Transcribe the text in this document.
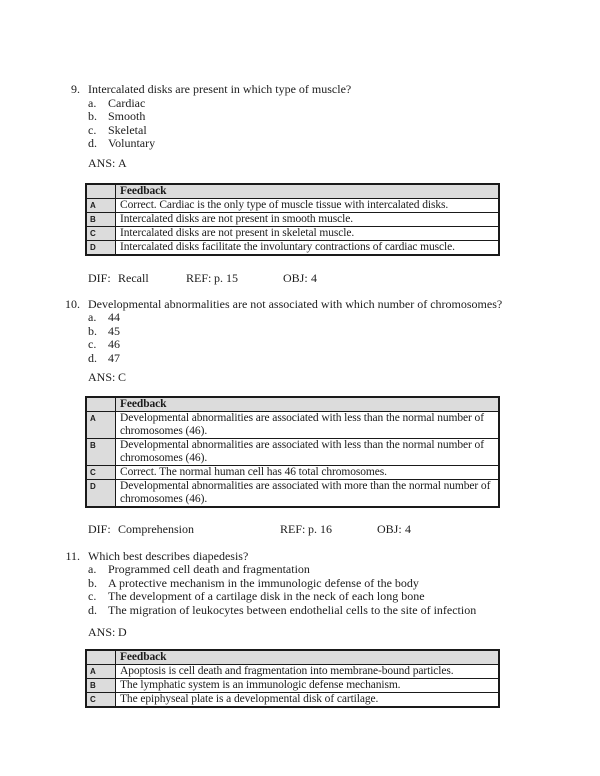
9. Intercalated disks are present in which type of muscle?
a. Cardiac
b. Smooth
c. Skeletal
d. Voluntary
ANS: A
	Feedback
A	Correct. Cardiac is the only type of muscle tissue with intercalated disks.
B	Intercalated disks are not present in smooth muscle.
C	Intercalated disks are not present in skeletal muscle.
D	Intercalated disks facilitate the involuntary contractions of cardiac muscle.
DIF: Recall	REF: p. 15	OBJ: 4
10. Developmental abnormalities are not associated with which number of chromosomes?
a. 44
b. 45
c. 46
d. 47
ANS: C
	Feedback
A	Developmental abnormalities are associated with less than the normal number of chromosomes (46).
B	Developmental abnormalities are associated with less than the normal number of chromosomes (46).
C	Correct. The normal human cell has 46 total chromosomes.
D	Developmental abnormalities are associated with more than the normal number of chromosomes (46).
DIF: Comprehension	REF: p. 16	OBJ: 4
11. Which best describes diapedesis?
a. Programmed cell death and fragmentation
b. A protective mechanism in the immunologic defense of the body
c. The development of a cartilage disk in the neck of each long bone
d. The migration of leukocytes between endothelial cells to the site of infection
ANS: D
	Feedback
A	Apoptosis is cell death and fragmentation into membrane-bound particles.
B	The lymphatic system is an immunologic defense mechanism.
C	The epiphyseal plate is a developmental disk of cartilage.
